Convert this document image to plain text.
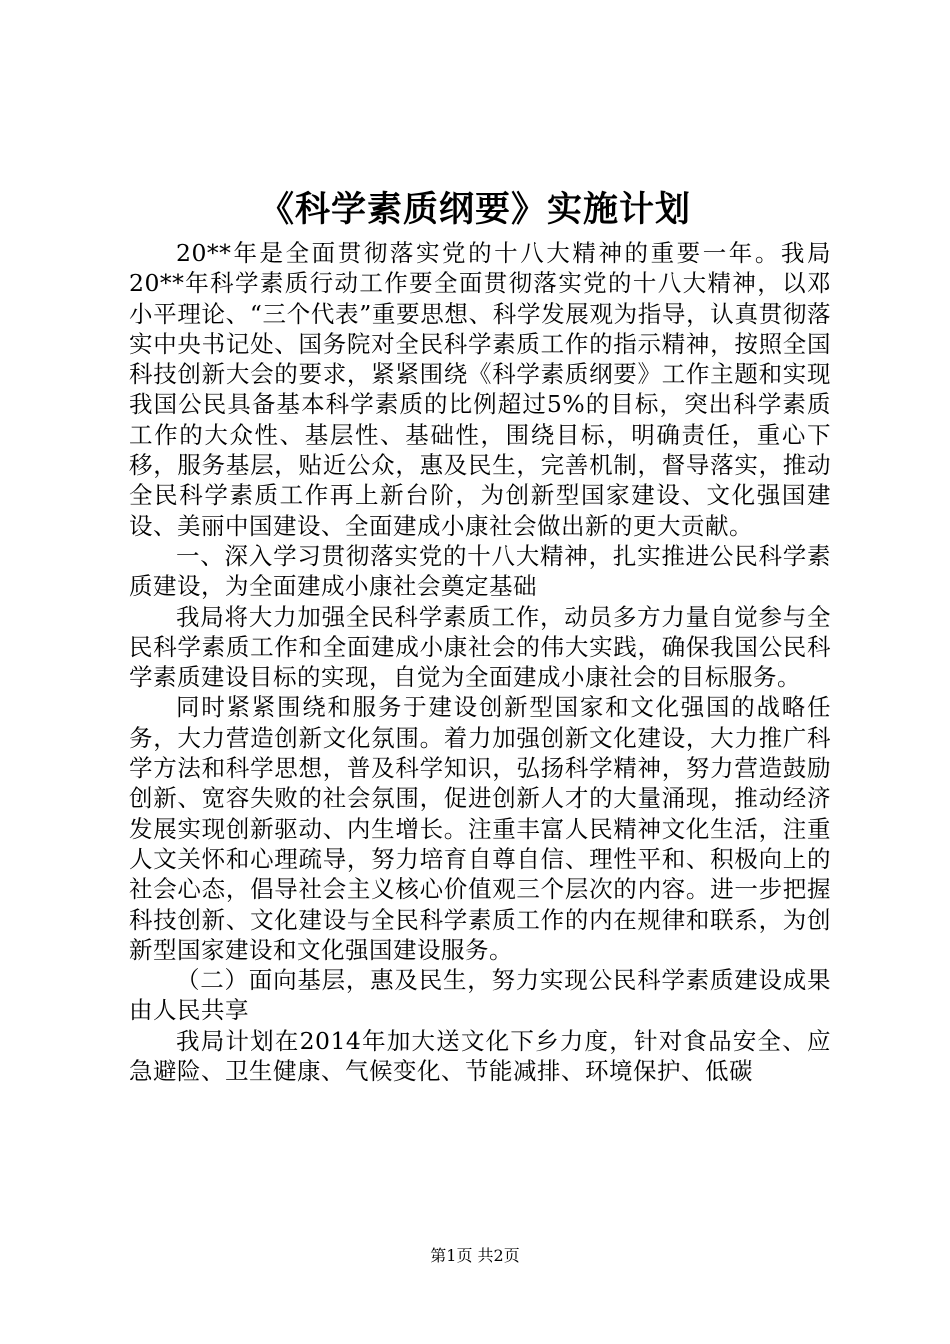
《科学素质纲要》实施计划

20**年是全面贯彻落实党的十八大精神的重要一年。我局20**年科学素质行动工作要全面贯彻落实党的十八大精神，以邓小平理论、“三个代表”重要思想、科学发展观为指导，认真贯彻落实中央书记处、国务院对全民科学素质工作的指示精神，按照全国科技创新大会的要求，紧紧围绕《科学素质纲要》工作主题和实现我国公民具备基本科学素质的比例超过5%的目标，突出科学素质工作的大众性、基层性、基础性，围绕目标，明确责任，重心下移，服务基层，贴近公众，惠及民生，完善机制，督导落实，推动全民科学素质工作再上新台阶，为创新型国家建设、文化强国建设、美丽中国建设、全面建成小康社会做出新的更大贡献。

一、深入学习贯彻落实党的十八大精神，扎实推进公民科学素质建设，为全面建成小康社会奠定基础

我局将大力加强全民科学素质工作，动员多方力量自觉参与全民科学素质工作和全面建成小康社会的伟大实践，确保我国公民科学素质建设目标的实现，自觉为全面建成小康社会的目标服务。

同时紧紧围绕和服务于建设创新型国家和文化强国的战略任务，大力营造创新文化氛围。着力加强创新文化建设，大力推广科学方法和科学思想，普及科学知识，弘扬科学精神，努力营造鼓励创新、宽容失败的社会氛围，促进创新人才的大量涌现，推动经济发展实现创新驱动、内生增长。注重丰富人民精神文化生活，注重人文关怀和心理疏导，努力培育自尊自信、理性平和、积极向上的社会心态，倡导社会主义核心价值观三个层次的内容。进一步把握科技创新、文化建设与全民科学素质工作的内在规律和联系，为创新型国家建设和文化强国建设服务。

（二）面向基层，惠及民生，努力实现公民科学素质建设成果由人民共享

我局计划在2014年加大送文化下乡力度，针对食品安全、应急避险、卫生健康、气候变化、节能减排、环境保护、低碳

第1页 共2页
